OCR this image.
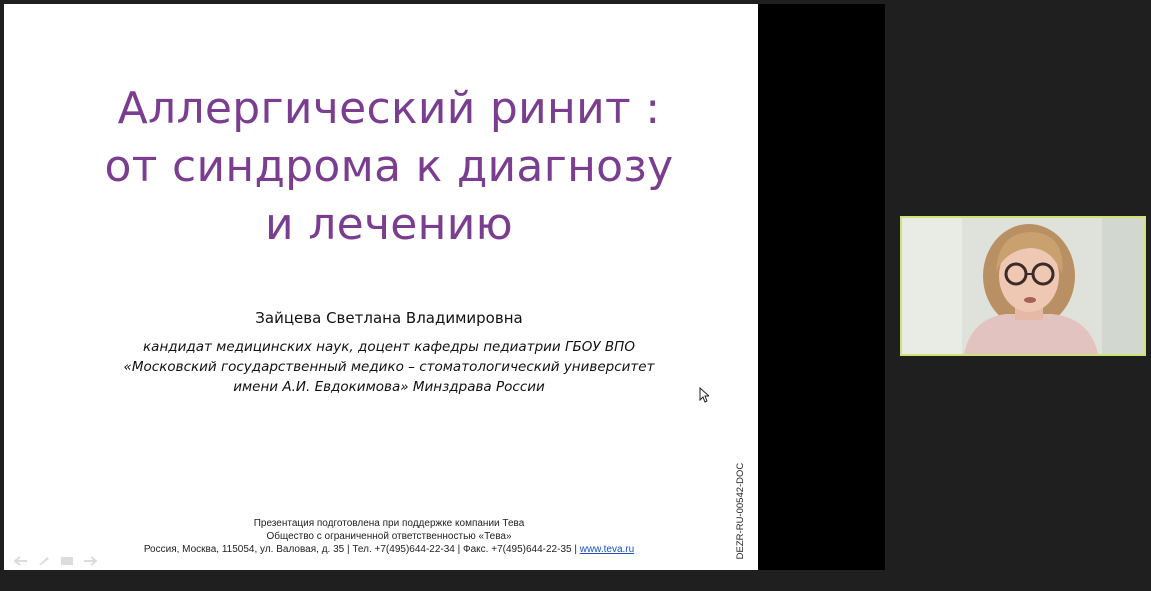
Аллергический ринит :
от синдрома к диагнозу
и лечению
Зайцева Светлана Владимировна
кандидат медицинских наук, доцент кафедры педиатрии ГБОУ ВПО
«Московский государственный медико – стоматологический университет
имени А.И. Евдокимова» Минздрава России
Презентация подготовлена при поддержке компании Тева
Общество с ограниченной ответственностью «Тева»
Россия, Москва, 115054, ул. Валовая, д. 35 | Тел. +7(495)644-22-34 | Факс. +7(495)644-22-35 | www.teva.ru	DEZR-RU-00542-DOC
